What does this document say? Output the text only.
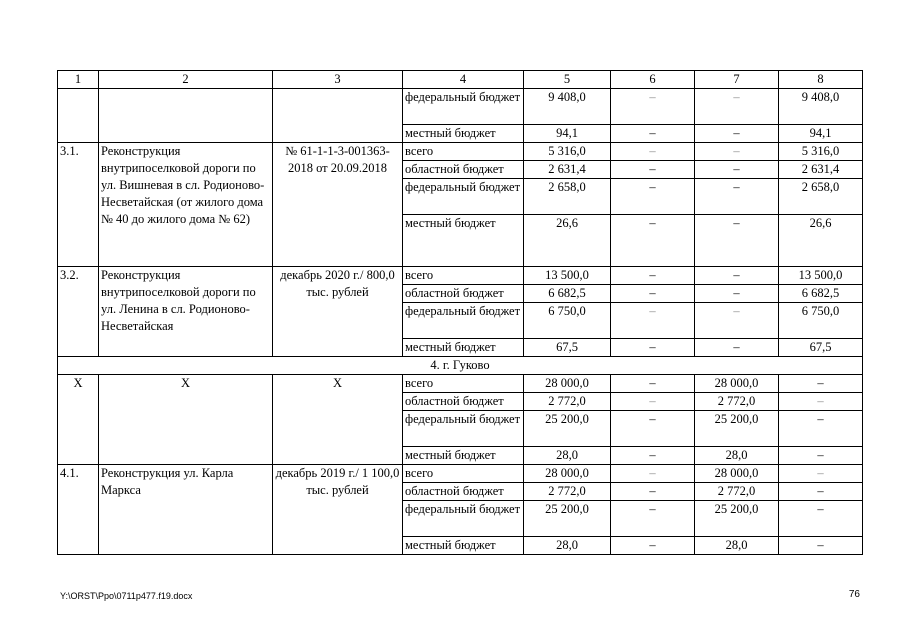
1	2	3	4	5	6	7	8
			федеральный бюджет	9 408,0	–	–	9 408,0
			местный бюджет	94,1	–	–	94,1
3.1.	Реконструкция внутрипоселковой дороги по ул. Вишневая в сл. Родионово-Несветайская (от жилого дома № 40 до жилого дома № 62)	№ 61-1-1-3-001363-2018 от 20.09.2018	всего	5 316,0	–	–	5 316,0
			областной бюджет	2 631,4	–	–	2 631,4
			федеральный бюджет	2 658,0	–	–	2 658,0
			местный бюджет	26,6	–	–	26,6
3.2.	Реконструкция внутрипоселковой дороги по ул. Ленина в сл. Родионово-Несветайская	декабрь 2020 г./ 800,0 тыс. рублей	всего	13 500,0	–	–	13 500,0
			областной бюджет	6 682,5	–	–	6 682,5
			федеральный бюджет	6 750,0	–	–	6 750,0
			местный бюджет	67,5	–	–	67,5
4. г. Гуково							
Х	Х	Х	всего	28 000,0	–	28 000,0	–
			областной бюджет	2 772,0	–	2 772,0	–
			федеральный бюджет	25 200,0	–	25 200,0	–
			местный бюджет	28,0	–	28,0	–
4.1.	Реконструкция ул. Карла Маркса	декабрь 2019 г./ 1 100,0 тыс. рублей	всего	28 000,0	–	28 000,0	–
			областной бюджет	2 772,0	–	2 772,0	–
			федеральный бюджет	25 200,0	–	25 200,0	–
			местный бюджет	28,0	–	28,0	–
Y:\ORST\Ppo\0711p477.f19.docx	76
